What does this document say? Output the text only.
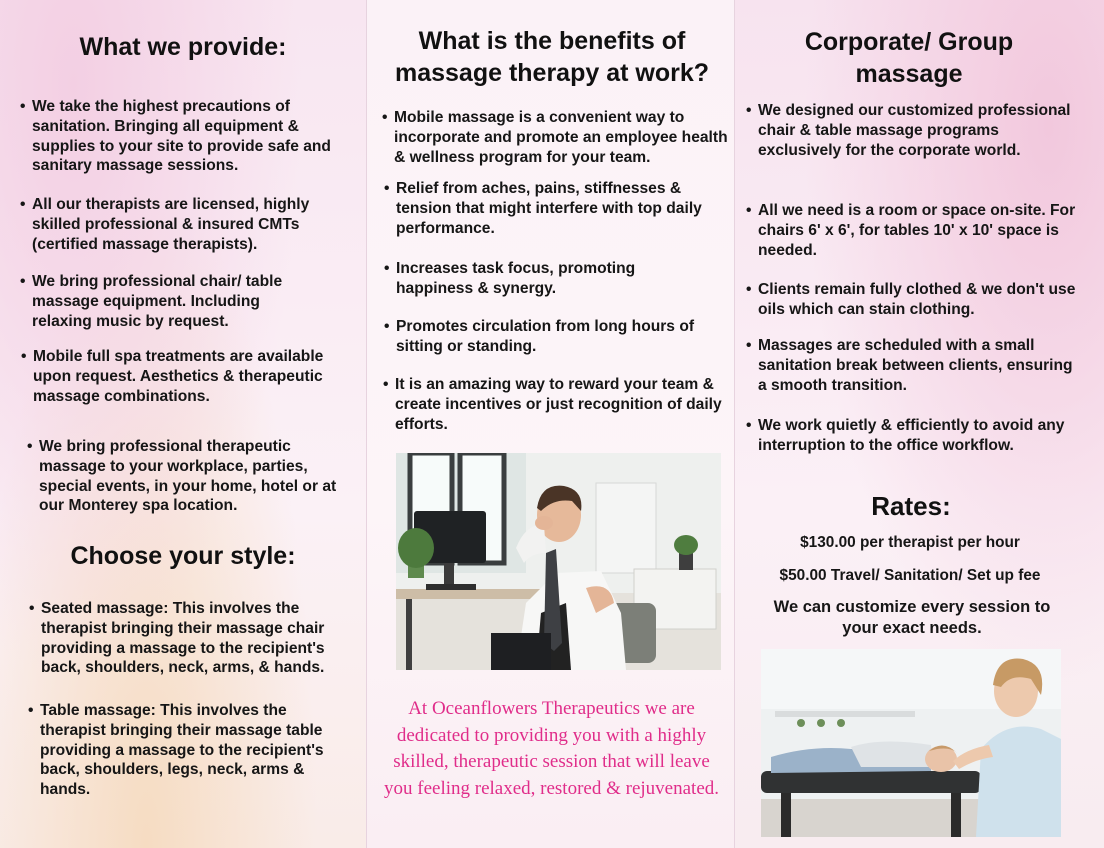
What we provide:
• We take the highest precautions of sanitation. Bringing all equipment & supplies to your site to provide safe and sanitary massage sessions.
• All our therapists are licensed, highly skilled professional & insured CMTs (certified massage therapists).
• We bring professional chair/ table massage equipment. Including relaxing music by request.
• Mobile full spa treatments are available upon request. Aesthetics & therapeutic massage combinations.
• We bring professional therapeutic massage to your workplace, parties, special events, in your home, hotel or at our Monterey spa location.
Choose your style:
• Seated massage: This involves the therapist bringing their massage chair providing a massage to the recipient's back, shoulders, neck, arms, & hands.
• Table massage: This involves the therapist bringing their massage table providing a massage to the recipient's back, shoulders, legs, neck, arms & hands.
What is the benefits of massage therapy at work?
• Mobile massage is a convenient way to incorporate and promote an employee health & wellness program for your team.
• Relief from aches, pains, stiffnesses & tension that might interfere with top daily performance.
• Increases task focus, promoting happiness & synergy.
• Promotes circulation from long hours of sitting or standing.
• It is an amazing way to reward your team & create incentives or just recognition of daily efforts.
At Oceanflowers Therapeutics we are dedicated to providing you with a highly skilled, therapeutic session that will leave you feeling relaxed, restored & rejuvenated.
Corporate/ Group massage
• We designed our customized professional chair & table massage programs exclusively for the corporate world.
• All we need is a room or space on-site. For chairs 6' x 6', for tables 10' x 10' space is needed.
• Clients remain fully clothed & we don't use oils which can stain clothing.
• Massages are scheduled with a small sanitation break between clients, ensuring a smooth transition.
• We work quietly & efficiently to avoid any interruption to the office workflow.
Rates:
$130.00 per therapist per hour
$50.00 Travel/ Sanitation/ Set up fee
We can customize every session to your exact needs.
